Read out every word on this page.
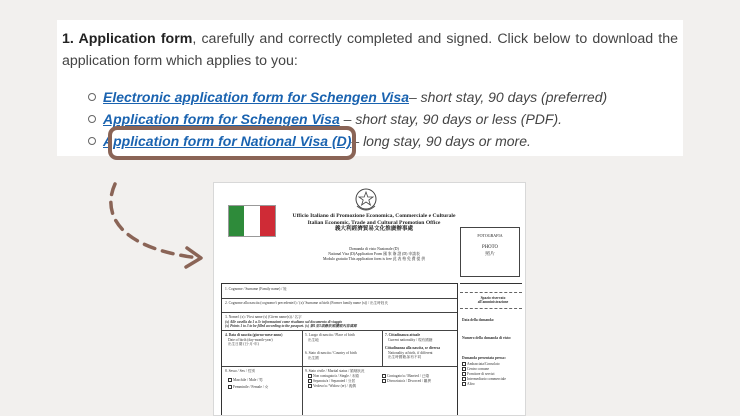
1. Application form, carefully and correctly completed and signed. Click below to download the application form which applies to you:

Electronic application form for Schengen Visa– short stay, 90 days (preferred)
Application form for Schengen Visa – short stay, 90 days or less (PDF).
Application form for National Visa (D)– long stay, 90 days or more.
Ufficio Italiano di Promozione Economica, Commerciale e Culturale
Italian Economic, Trade and Cultural Promotion Office
義大利經濟貿易文化推廣辦事處
Domanda di visto Nazionale (D)
National Visa (D)Application Form 國 家 簽 證 (D) 申請表
Modulo gratuito This application form is free 此 表 格 免 費 提 供
FOTOGRAFIA
PHOTO
照片
1. Cognome / Surname (Family name) / 姓
2. Cognome alla nascita (cognome/i precedente/i) / (x)/ Surname at birth (Former family name (x)) / 出生時姓氏
3. Nome/i (x) / First name (s) (Given name(s)) / 名字
(x) Alle casella da 1 a 3c informazioni come risultano sul documento di viaggio
(x) Points 1 to 3 to be filled according to the passport. (x) 第1至3項應依照護照內容填寫
4. Data di nascita (giorno-mese-anno)
Date of birth (day-month-year)
出生日期 (日-月-年)
5. Luogo di nascita / Place of birth
出生地
6. Stato di nascita / Country of birth
出生國
7. Cittadinanza attuale
Current nationality / 現有國籍
Cittadinanza alla nascita, se diversa
Nationality at birth, if different
出生時國籍,如有不同
8. Sesso / Sex / 性別
Maschile / Male / 男
Femminile / Female / 女
9. Stato civile / Marital status / 婚姻狀況
Non coniugato/a / Single / 未婚
Separato/a / Separated / 分居
Vedovo/a / Widow (er) / 喪偶
Coniugato/a / Married / 已婚
Divorziato/a / Divorced / 離異
Spazio riservato all'amministrazione
Data della domanda:
Numero della domanda di visto:
Domanda presentata presso:
Ambasciata/Consolato
Centro comune
Fornitore di servizi
Intermediario commerciale
Altro
